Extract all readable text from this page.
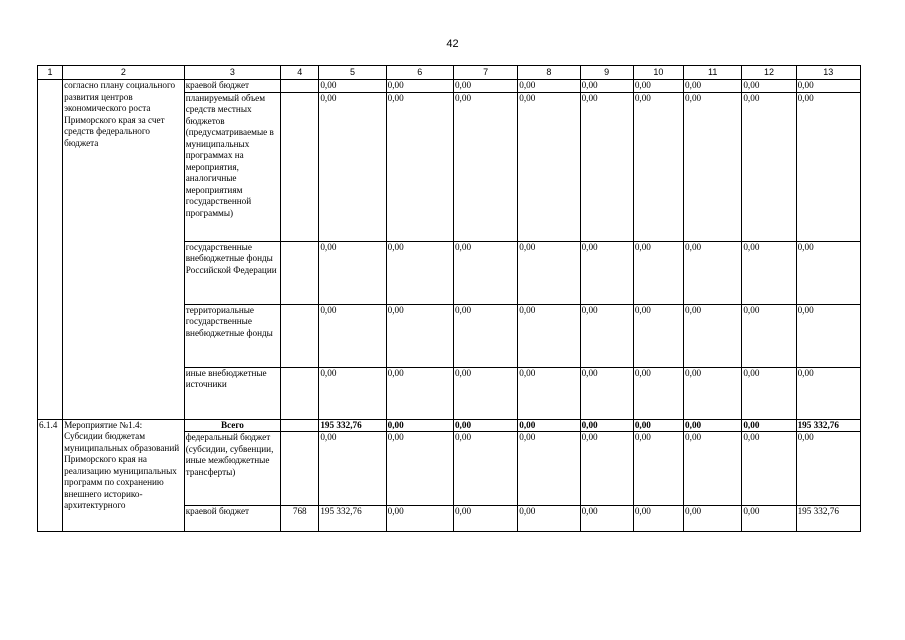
42
1	2	3	4	5	6	7	8	9	10	11	12	13
	согласно плану социального развития центров экономического роста Приморского края за счет средств федерального бюджета	краевой бюджет		0,00	0,00	0,00	0,00	0,00	0,00	0,00	0,00	0,00
		планируемый объем средств местных бюджетов (предусматриваемые в муниципальных программах на мероприятия, аналогичные мероприятиям государственной программы)		0,00	0,00	0,00	0,00	0,00	0,00	0,00	0,00	0,00
		государственные внебюджетные фонды Российской Федерации		0,00	0,00	0,00	0,00	0,00	0,00	0,00	0,00	0,00
		территориальные государственные внебюджетные фонды		0,00	0,00	0,00	0,00	0,00	0,00	0,00	0,00	0,00
		иные внебюджетные источники		0,00	0,00	0,00	0,00	0,00	0,00	0,00	0,00	0,00
6.1.4	Мероприятие №1.4: Субсидии бюджетам муниципальных образований Приморского края на реализацию муниципальных программ по сохранению внешнего историко-архитектурного	Всего		195 332,76	0,00	0,00	0,00	0,00	0,00	0,00	0,00	195 332,76
		федеральный бюджет (субсидии, субвенции, иные межбюджетные трансферты)		0,00	0,00	0,00	0,00	0,00	0,00	0,00	0,00	0,00
		краевой бюджет	768	195 332,76	0,00	0,00	0,00	0,00	0,00	0,00	0,00	195 332,76
